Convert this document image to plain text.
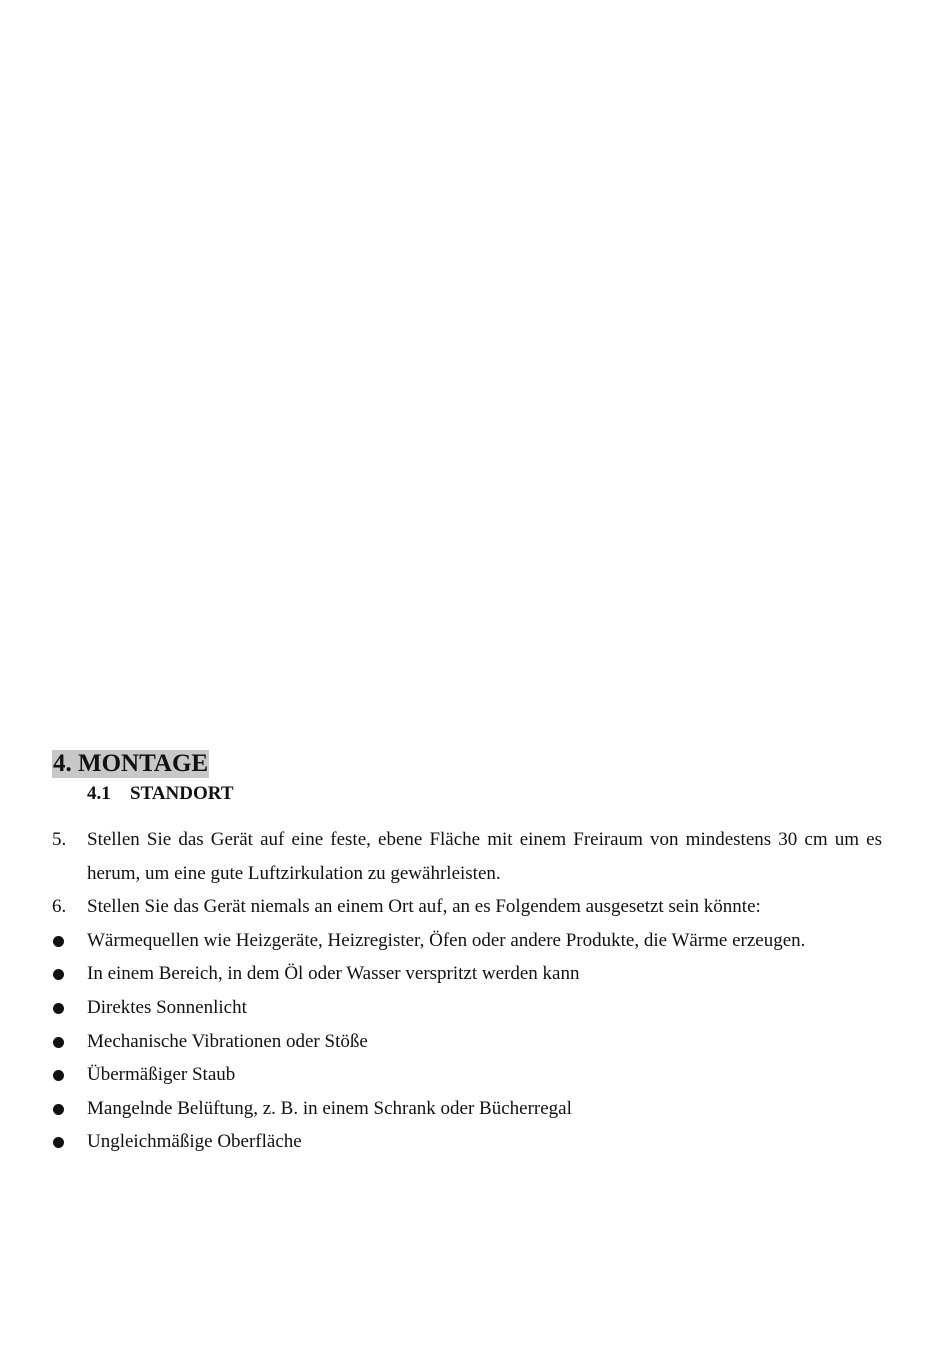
4. MONTAGE
4.1 STANDORT
5. Stellen Sie das Gerät auf eine feste, ebene Fläche mit einem Freiraum von mindestens 30 cm um es herum, um eine gute Luftzirkulation zu gewährleisten.
6. Stellen Sie das Gerät niemals an einem Ort auf, an es Folgendem ausgesetzt sein könnte:
Wärmequellen wie Heizgeräte, Heizregister, Öfen oder andere Produkte, die Wärme erzeugen.
In einem Bereich, in dem Öl oder Wasser verspritzt werden kann
Direktes Sonnenlicht
Mechanische Vibrationen oder Stöße
Übermäßiger Staub
Mangelnde Belüftung, z. B. in einem Schrank oder Bücherregal
Ungleichmäßige Oberfläche
